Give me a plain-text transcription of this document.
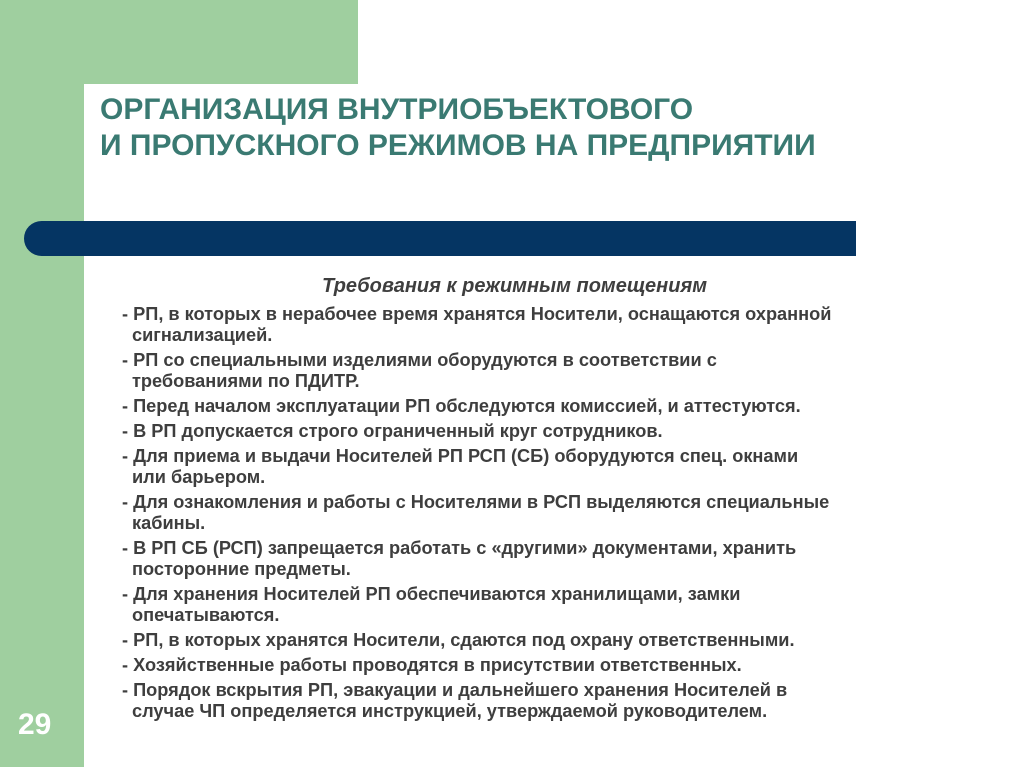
ОРГАНИЗАЦИЯ ВНУТРИОБЪЕКТОВОГО
И ПРОПУСКНОГО РЕЖИМОВ НА ПРЕДПРИЯТИИ
Требования к режимным помещениям
- РП, в которых в нерабочее время хранятся Носители, оснащаются охранной
сигнализацией.
- РП со специальными изделиями оборудуются в соответствии с
требованиями по ПДИТР.
- Перед началом эксплуатации РП обследуются комиссией, и аттестуются.
- В РП допускается строго ограниченный круг сотрудников.
- Для приема и выдачи Носителей РП РСП (СБ) оборудуются спец. окнами
или барьером.
- Для ознакомления и работы с Носителями в РСП выделяются специальные
кабины.
- В РП СБ (РСП) запрещается работать с «другими» документами, хранить
посторонние предметы.
- Для хранения Носителей РП обеспечиваются хранилищами, замки
опечатываются.
- РП, в которых хранятся Носители, сдаются под охрану ответственными.
- Хозяйственные работы проводятся в присутствии ответственных.
- Порядок вскрытия РП, эвакуации и дальнейшего хранения Носителей в
случае ЧП определяется инструкцией, утверждаемой руководителем.
29
